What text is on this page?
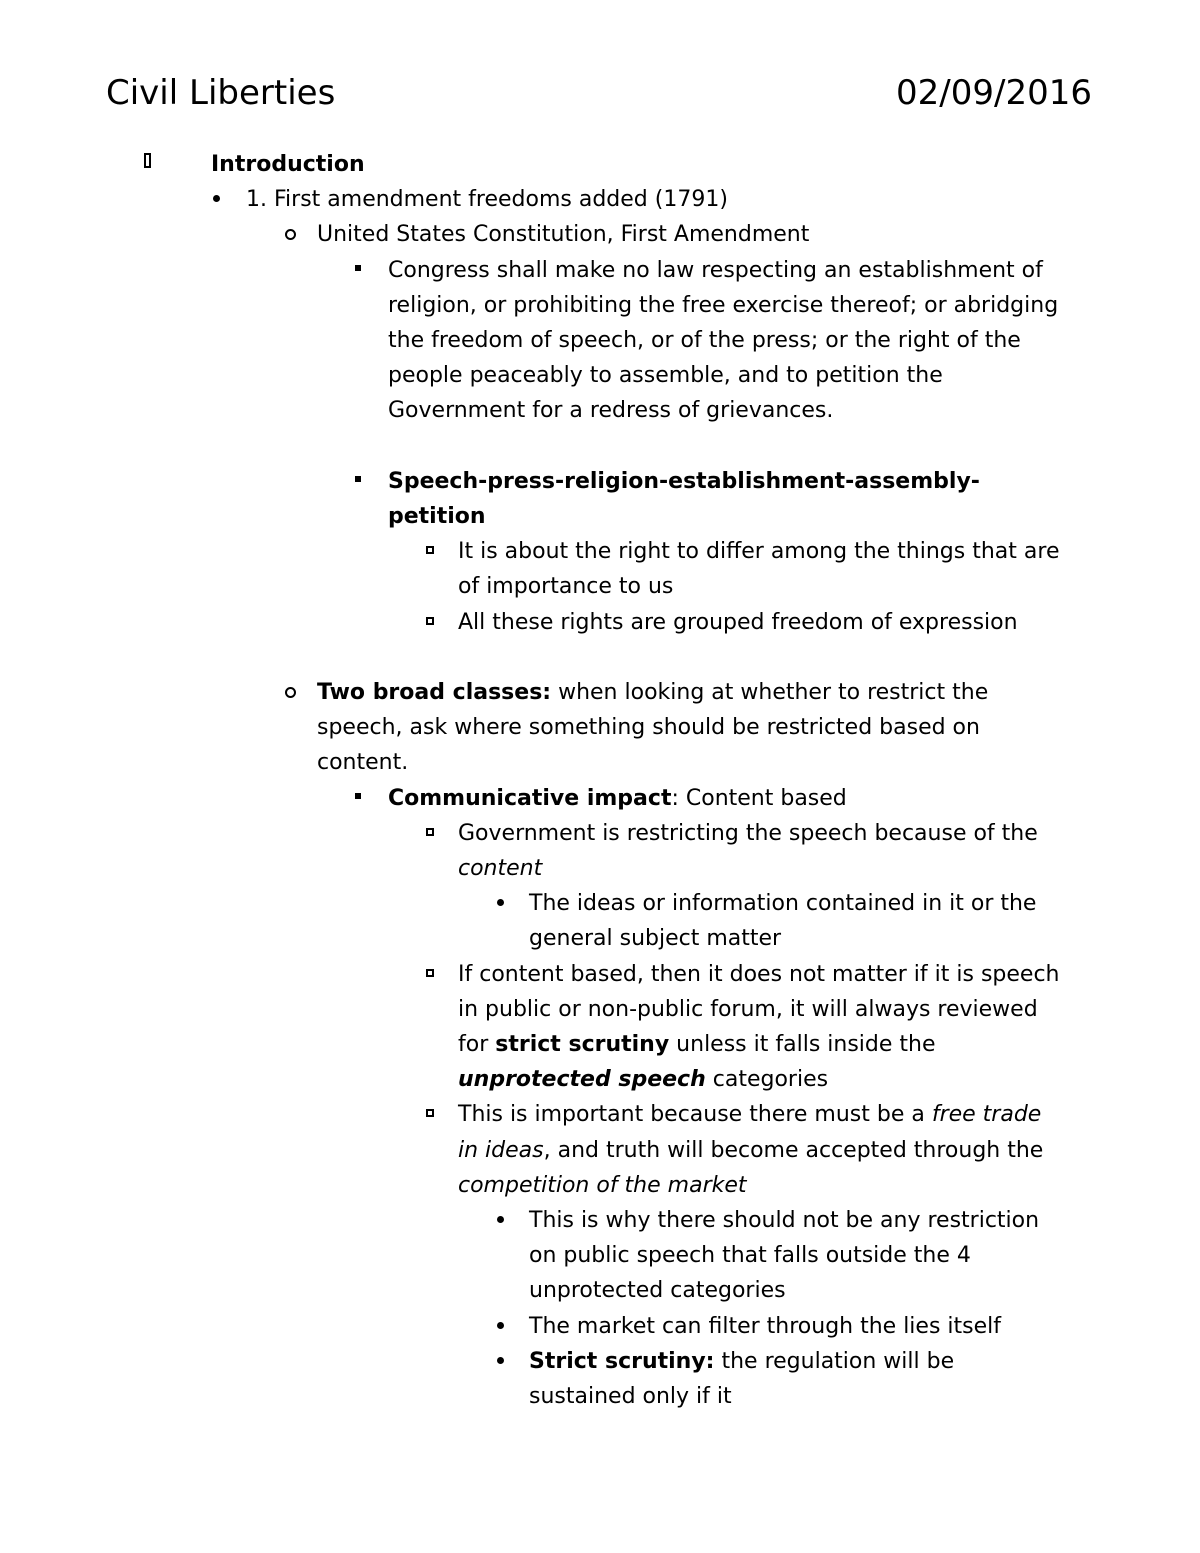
Civil Liberties	02/09/2016
Introduction
1. First amendment freedoms added (1791)
United States Constitution, First Amendment
Congress shall make no law respecting an establishment of religion, or prohibiting the free exercise thereof; or abridging the freedom of speech, or of the press; or the right of the people peaceably to assemble, and to petition the Government for a redress of grievances.
Speech-press-religion-establishment-assembly-petition
It is about the right to differ among the things that are of importance to us
All these rights are grouped freedom of expression
Two broad classes: when looking at whether to restrict the speech, ask where something should be restricted based on content.
Communicative impact: Content based
Government is restricting the speech because of the content
The ideas or information contained in it or the general subject matter
If content based, then it does not matter if it is speech in public or non-public forum, it will always reviewed for strict scrutiny unless it falls inside the unprotected speech categories
This is important because there must be a free trade in ideas, and truth will become accepted through the competition of the market
This is why there should not be any restriction on public speech that falls outside the 4 unprotected categories
The market can filter through the lies itself
Strict scrutiny: the regulation will be sustained only if it
